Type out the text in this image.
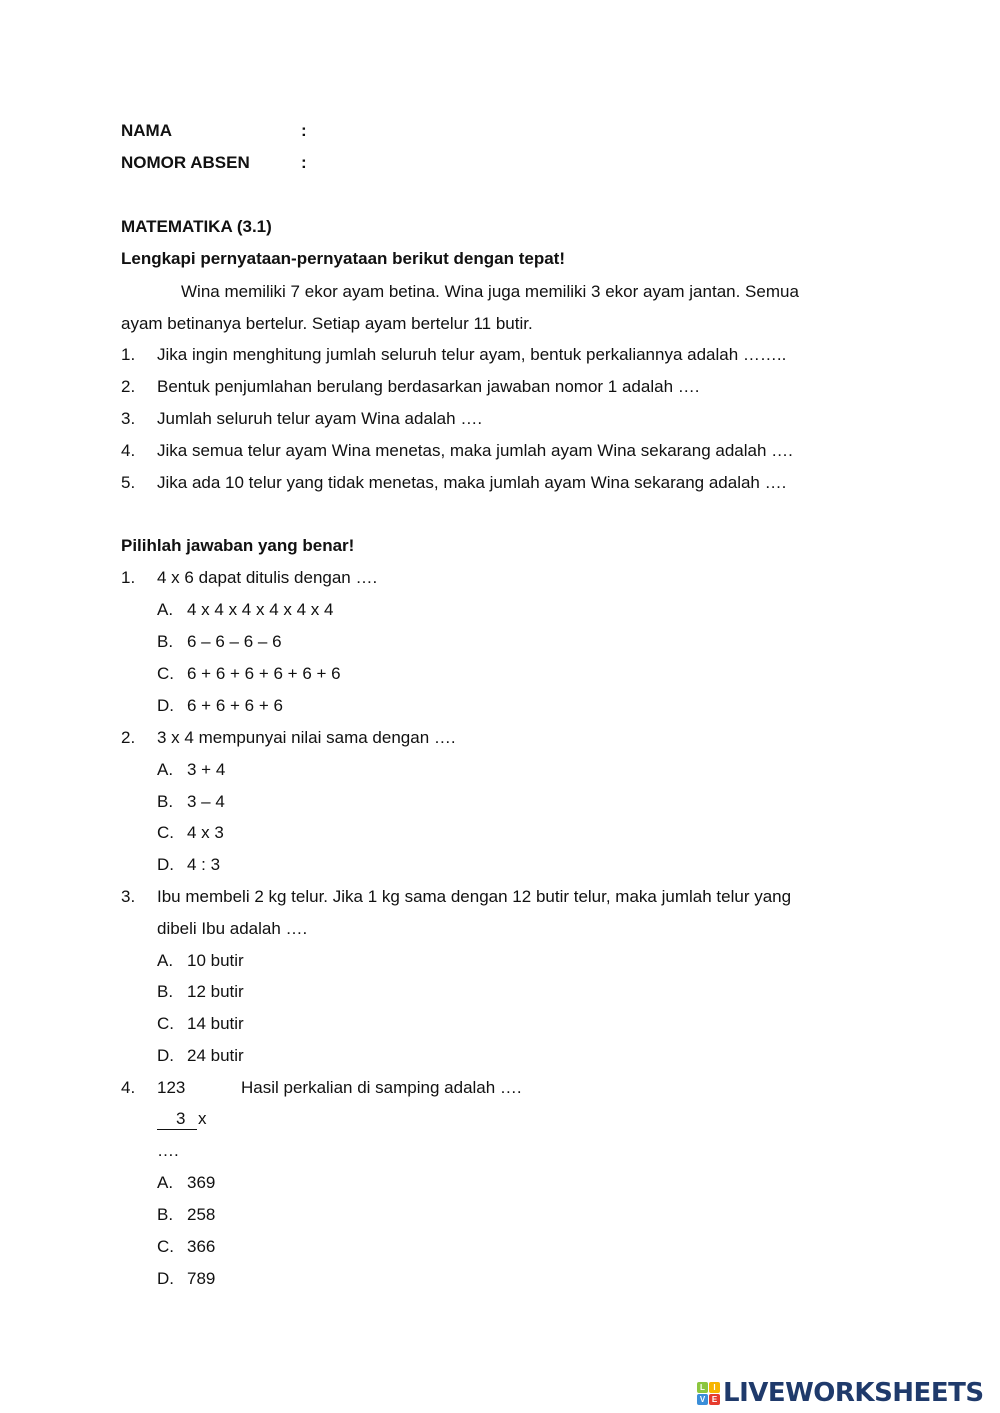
NAMA	:
NOMOR ABSEN	:
MATEMATIKA (3.1)
Lengkapi pernyataan-pernyataan berikut dengan tepat!
Wina memiliki 7 ekor ayam betina. Wina juga memiliki 3 ekor ayam jantan. Semua
ayam betinanya bertelur. Setiap ayam bertelur 11 butir.
1. Jika ingin menghitung jumlah seluruh telur ayam, bentuk perkaliannya adalah ……..
2. Bentuk penjumlahan berulang berdasarkan jawaban nomor 1 adalah ….
3. Jumlah seluruh telur ayam Wina adalah ….
4. Jika semua telur ayam Wina menetas, maka jumlah ayam Wina sekarang adalah ….
5. Jika ada 10 telur yang tidak menetas, maka jumlah ayam Wina sekarang adalah ….
Pilihlah jawaban yang benar!
1. 4 x 6 dapat ditulis dengan ….
A. 4 x 4 x 4 x 4 x 4 x 4
B. 6 – 6 – 6 – 6
C. 6 + 6 + 6 + 6 + 6 + 6
D. 6 + 6 + 6 + 6
2. 3 x 4 mempunyai nilai sama dengan ….
A. 3 + 4
B. 3 – 4
C. 4 x 3
D. 4 : 3
3. Ibu membeli 2 kg telur. Jika 1 kg sama dengan 12 butir telur, maka jumlah telur yang
dibeli Ibu adalah ….
A. 10 butir
B. 12 butir
C. 14 butir
D. 24 butir
4. 123	Hasil perkalian di samping adalah ….
3 x
….
A. 369
B. 258
C. 366
D. 789
L	I
V E LIVEWORKSHEETS
